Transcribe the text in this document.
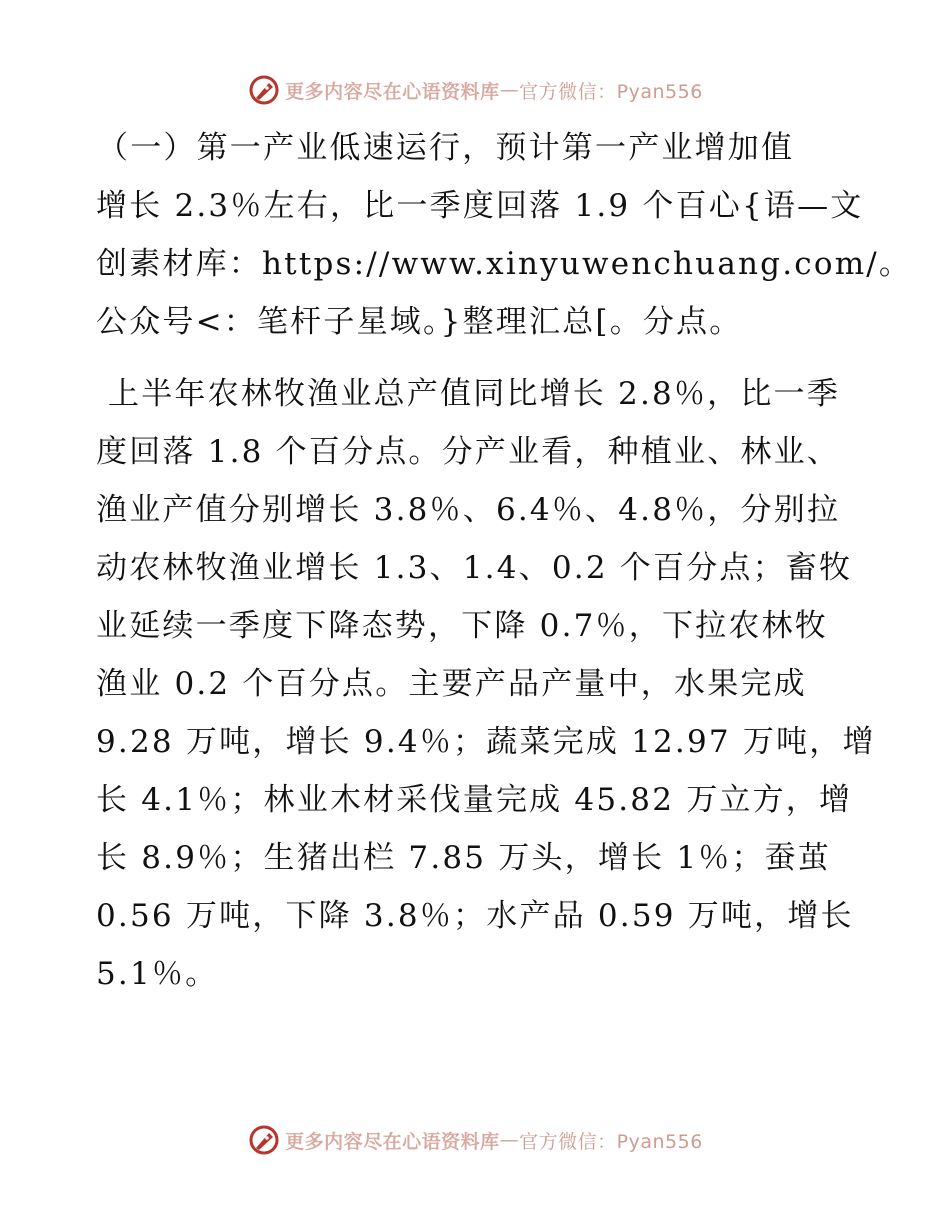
更多内容尽在心语资料库 — 官方微信：Pyan556

（一）第一产业低速运行，预计第一产业增加值

增长 2.3％左右，比一季度回落 1.9 个百心{语—文

创素材库：https://www.xinyuwenchuang.com/。

公众号<：笔杆子星域。}整理汇总[。分点。

上半年农林牧渔业总产值同比增长 2.8％，比一季

度回落 1.8 个百分点。分产业看，种植业、林业、

渔业产值分别增长 3.8％、6.4％、4.8％，分别拉

动农林牧渔业增长 1.3、1.4、0.2 个百分点；畜牧

业延续一季度下降态势，下降 0.7％，下拉农林牧

渔业 0.2 个百分点。主要产品产量中，水果完成

9.28 万吨，增长 9.4％；蔬菜完成 12.97 万吨，增

长 4.1％；林业木材采伐量完成 45.82 万立方，增

长 8.9％；生猪出栏 7.85 万头，增长 1％；蚕茧

0.56 万吨，下降 3.8％；水产品 0.59 万吨，增长

5.1％。

更多内容尽在心语资料库 — 官方微信：Pyan556
